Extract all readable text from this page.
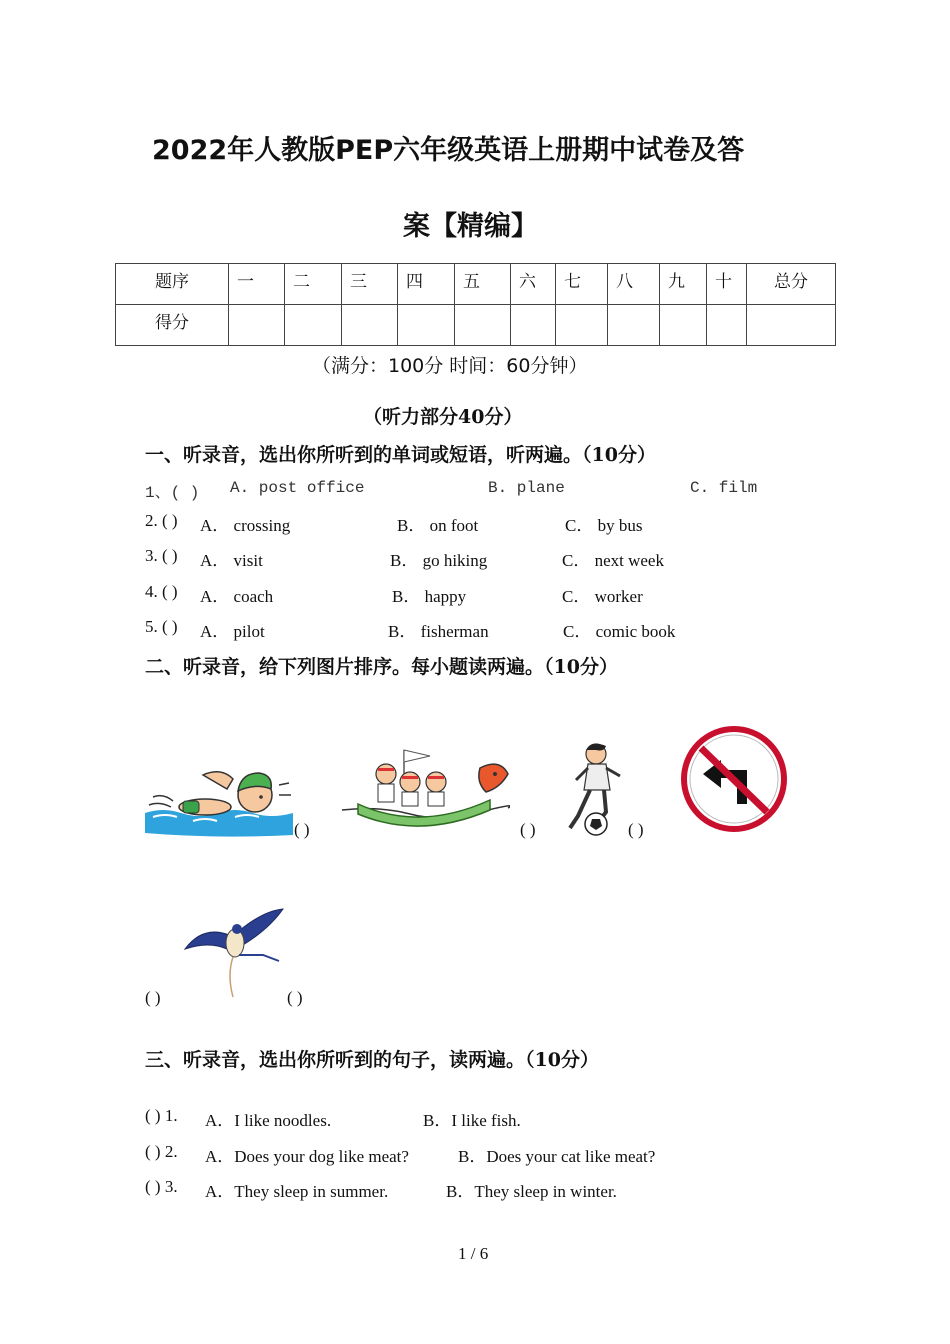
2022年人教版PEP六年级英语上册期中试卷及答
案【精编】
题序	一	二	三	四	五	六	七	八	九	十	总分
得分											
（满分：100分 时间：60分钟）
（听力部分40分）
一、听录音，选出你所听到的单词或短语，听两遍。（10分）
1、( ) A. post office	B. plane	C. film
2. ( ) A． crossing	B． on foot	C． by bus
3. ( ) A． visit	B． go hiking	C． next week
4. ( ) A． coach	B． happy	C． worker
5. ( ) A． pilot	B． fisherman	C． comic book
二、听录音，给下列图片排序。每小题读两遍。（10分）
( )	( )	( )
( )	( )
三、听录音，选出你所听到的句子，读两遍。（10分）
( ) 1. A．I like noodles.	B．I like fish.
( ) 2. A．Does your dog like meat?	B．Does your cat like meat?
( ) 3. A．They sleep in summer.	B．They sleep in winter.
1 / 6
